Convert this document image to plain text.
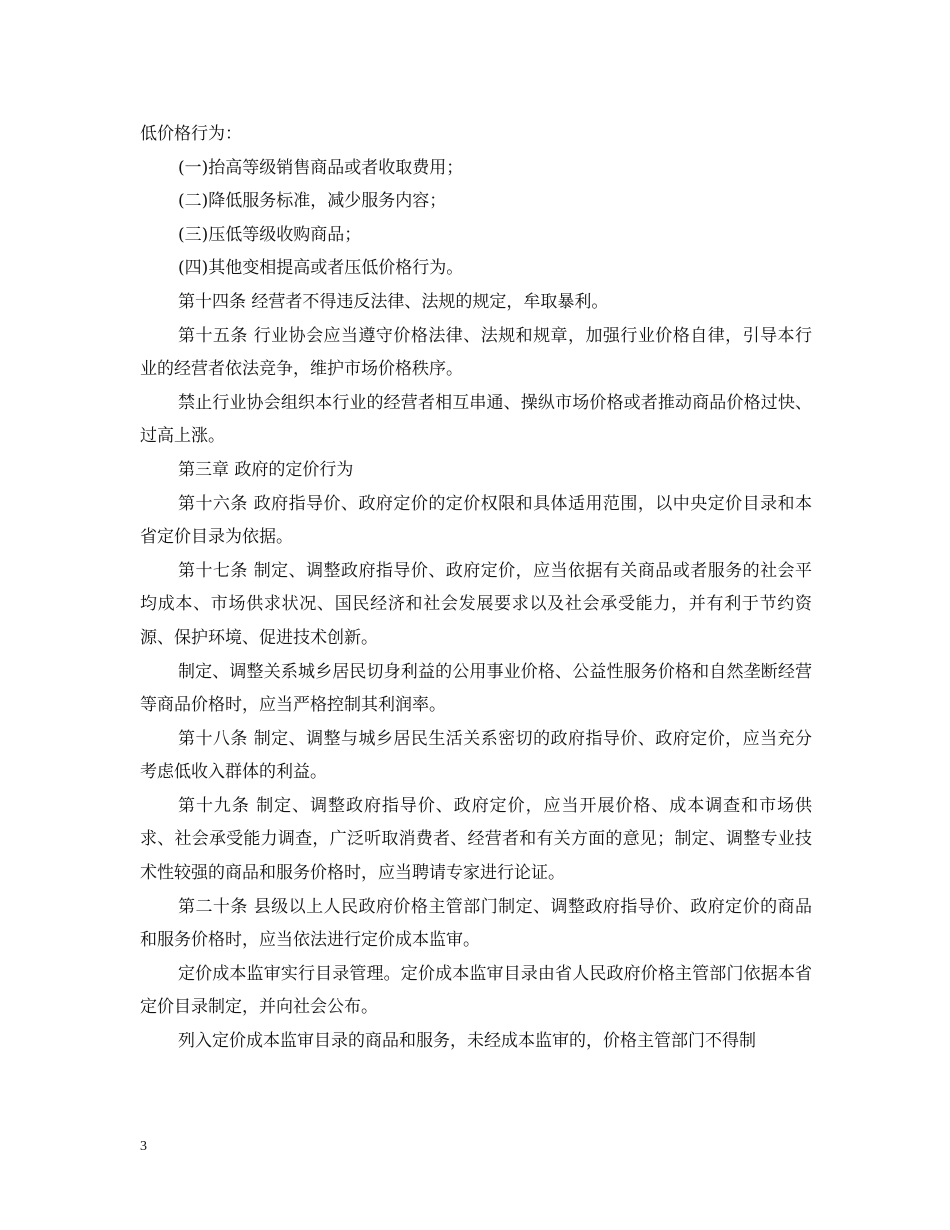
低价格行为：

(一)抬高等级销售商品或者收取费用；

(二)降低服务标准，减少服务内容；

(三)压低等级收购商品；

(四)其他变相提高或者压低价格行为。

第十四条 经营者不得违反法律、法规的规定，牟取暴利。

第十五条 行业协会应当遵守价格法律、法规和规章，加强行业价格自律，引导本行业的经营者依法竞争，维护市场价格秩序。

禁止行业协会组织本行业的经营者相互串通、操纵市场价格或者推动商品价格过快、过高上涨。

第三章 政府的定价行为

第十六条 政府指导价、政府定价的定价权限和具体适用范围，以中央定价目录和本省定价目录为依据。

第十七条 制定、调整政府指导价、政府定价，应当依据有关商品或者服务的社会平均成本、市场供求状况、国民经济和社会发展要求以及社会承受能力，并有利于节约资源、保护环境、促进技术创新。

制定、调整关系城乡居民切身利益的公用事业价格、公益性服务价格和自然垄断经营等商品价格时，应当严格控制其利润率。

第十八条 制定、调整与城乡居民生活关系密切的政府指导价、政府定价，应当充分考虑低收入群体的利益。

第十九条 制定、调整政府指导价、政府定价，应当开展价格、成本调查和市场供求、社会承受能力调查，广泛听取消费者、经营者和有关方面的意见；制定、调整专业技术性较强的商品和服务价格时，应当聘请专家进行论证。

第二十条 县级以上人民政府价格主管部门制定、调整政府指导价、政府定价的商品和服务价格时，应当依法进行定价成本监审。

定价成本监审实行目录管理。定价成本监审目录由省人民政府价格主管部门依据本省定价目录制定，并向社会公布。

列入定价成本监审目录的商品和服务，未经成本监审的，价格主管部门不得制

3
